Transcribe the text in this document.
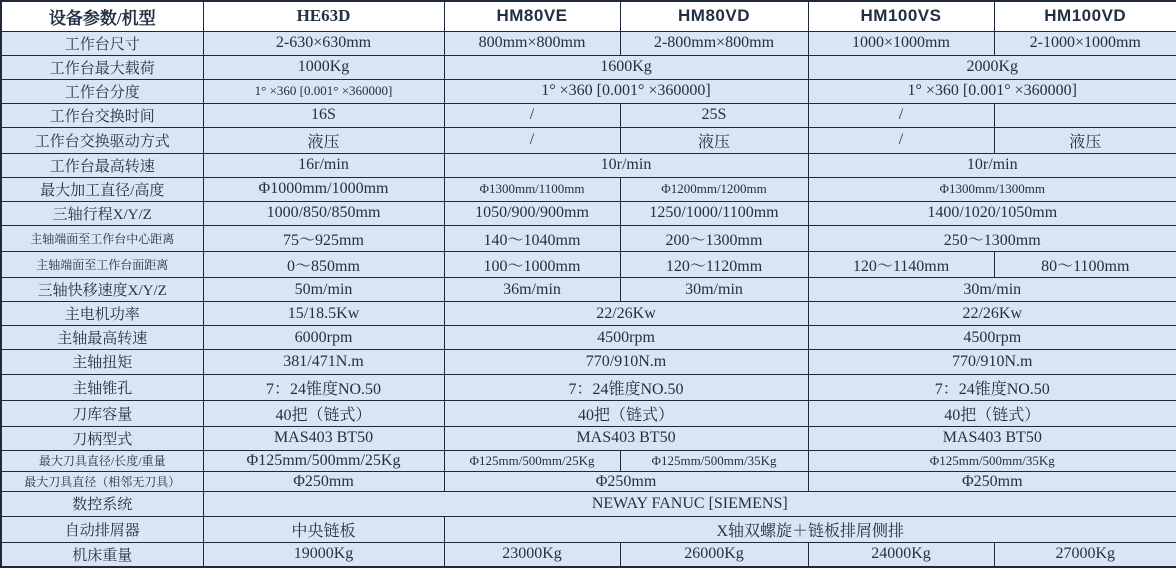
设备参数/机型	HE63D	HM80VE	HM80VD	HM100VS	HM100VD
工作台尺寸	2-630×630mm	800mm×800mm	2-800mm×800mm	1000×1000mm	2-1000×1000mm
工作台最大载荷	1000Kg	1600Kg		2000Kg	
工作台分度	1° ×360 [0.001° ×360000]	1° ×360 [0.001° ×360000]		1° ×360 [0.001° ×360000]	
工作台交换时间	16S	/	25S	/	
工作台交换驱动方式	液压	/	液压	/	液压
工作台最高转速	16r/min	10r/min		10r/min	
最大加工直径/高度	Φ1000mm/1000mm	Φ1300mm/1100mm	Φ1200mm/1200mm	Φ1300mm/1300mm	
三轴行程X/Y/Z	1000/850/850mm	1050/900/900mm	1250/1000/1100mm	1400/1020/1050mm	
主轴端面至工作台中心距离	75～925mm	140～1040mm	200～1300mm	250～1300mm	
主轴端面至工作台面距离	0～850mm	100～1000mm	120～1120mm	120～1140mm	80～1100mm
三轴快移速度X/Y/Z	50m/min	36m/min	30m/min	30m/min	
主电机功率	15/18.5Kw	22/26Kw		22/26Kw	
主轴最高转速	6000rpm	4500rpm		4500rpm	
主轴扭矩	381/471N.m	770/910N.m		770/910N.m	
主轴锥孔	7：24锥度NO.50	7：24锥度NO.50		7：24锥度NO.50	
刀库容量	40把（链式）	40把（链式）		40把（链式）	
刀柄型式	MAS403 BT50	MAS403 BT50		MAS403 BT50	
最大刀具直径/长度/重量	Φ125mm/500mm/25Kg	Φ125mm/500mm/25Kg	Φ125mm/500mm/35Kg	Φ125mm/500mm/35Kg	
最大刀具直径（相邻无刀具）	Φ250mm	Φ250mm		Φ250mm	
数控系统	NEWAY FANUC [SIEMENS]				
自动排屑器	中央链板	X轴双螺旋＋链板排屑侧排			
机床重量	19000Kg	23000Kg	26000Kg	24000Kg	27000Kg
